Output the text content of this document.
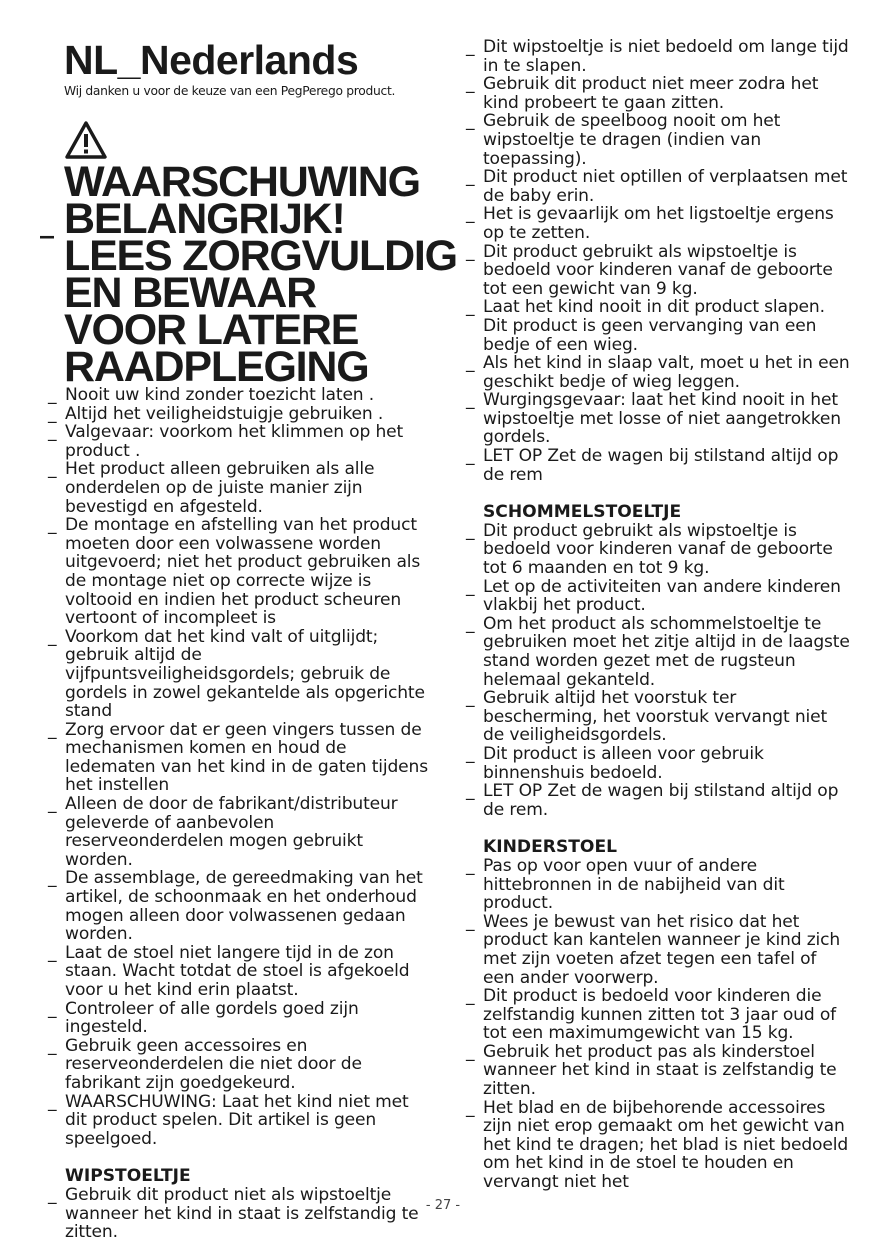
NL_Nederlands
Wij danken u voor de keuze van een PegPerego product.
_
WAARSCHUWING
BELANGRIJK!
LEES ZORGVULDIG
EN BEWAAR
VOOR LATERE
RAADPLEGING
_ Nooit uw kind zonder toezicht laten .
_ Altijd het veiligheidstuigje gebruiken .
_ Valgevaar: voorkom het klimmen op het product .
_ Het product alleen gebruiken als alle onderdelen op de juiste manier zijn bevestigd en afgesteld.
_ De montage en afstelling van het product moeten door een volwassene worden uitgevoerd; niet het product gebruiken als de montage niet op correcte wijze is voltooid en indien het product scheuren vertoont of incompleet is
_ Voorkom dat het kind valt of uitglijdt; gebruik altijd de vijfpuntsveiligheidsgordels; gebruik de gordels in zowel gekantelde als opgerichte stand
_ Zorg ervoor dat er geen vingers tussen de mechanismen komen en houd de ledematen van het kind in de gaten tijdens het instellen
_ Alleen de door de fabrikant/distributeur geleverde of aanbevolen reserveonderdelen mogen gebruikt worden.
_ De assemblage, de gereedmaking van het artikel, de schoonmaak en het onderhoud mogen alleen door volwassenen gedaan worden.
_ Laat de stoel niet langere tijd in de zon staan. Wacht totdat de stoel is afgekoeld voor u het kind erin plaatst.
_ Controleer of alle gordels goed zijn ingesteld.
_ Gebruik geen accessoires en reserveonderdelen die niet door de fabrikant zijn goedgekeurd.
_ WAARSCHUWING: Laat het kind niet met dit product spelen. Dit artikel is geen speelgoed.
WIPSTOELTJE
_ Gebruik dit product niet als wipstoeltje wanneer het kind in staat is zelfstandig te zitten.
_ Dit wipstoeltje is niet bedoeld om lange tijd in te slapen.
_ Gebruik dit product niet meer zodra het kind probeert te gaan zitten.
_ Gebruik de speelboog nooit om het wipstoeltje te dragen (indien van toepassing).
_ Dit product niet optillen of verplaatsen met de baby erin.
_ Het is gevaarlijk om het ligstoeltje ergens op te zetten.
_ Dit product gebruikt als wipstoeltje is bedoeld voor kinderen vanaf de geboorte tot een gewicht van 9 kg.
_ Laat het kind nooit in dit product slapen. Dit product is geen vervanging van een bedje of een wieg.
_ Als het kind in slaap valt, moet u het in een geschikt bedje of wieg leggen.
_ Wurgingsgevaar: laat het kind nooit in het wipstoeltje met losse of niet aangetrokken gordels.
_ LET OP Zet de wagen bij stilstand altijd op de rem
SCHOMMELSTOELTJE
_ Dit product gebruikt als wipstoeltje is bedoeld voor kinderen vanaf de geboorte tot 6 maanden en tot 9 kg.
_ Let op de activiteiten van andere kinderen vlakbij het product.
_ Om het product als schommelstoeltje te gebruiken moet het zitje altijd in de laagste stand worden gezet met de rugsteun helemaal gekanteld.
_ Gebruik altijd het voorstuk ter bescherming, het voorstuk vervangt niet de veiligheidsgordels.
_ Dit product is alleen voor gebruik binnenshuis bedoeld.
_ LET OP Zet de wagen bij stilstand altijd op de rem.
KINDERSTOEL
_ Pas op voor open vuur of andere hittebronnen in de nabijheid van dit product.
_ Wees je bewust van het risico dat het product kan kantelen wanneer je kind zich met zijn voeten afzet tegen een tafel of een ander voorwerp.
_ Dit product is bedoeld voor kinderen die zelfstandig kunnen zitten tot 3 jaar oud of tot een maximumgewicht van 15 kg.
_ Gebruik het product pas als kinderstoel wanneer het kind in staat is zelfstandig te zitten.
_ Het blad en de bijbehorende accessoires zijn niet erop gemaakt om het gewicht van het kind te dragen; het blad is niet bedoeld om het kind in de stoel te houden en vervangt niet het
- 27 -
